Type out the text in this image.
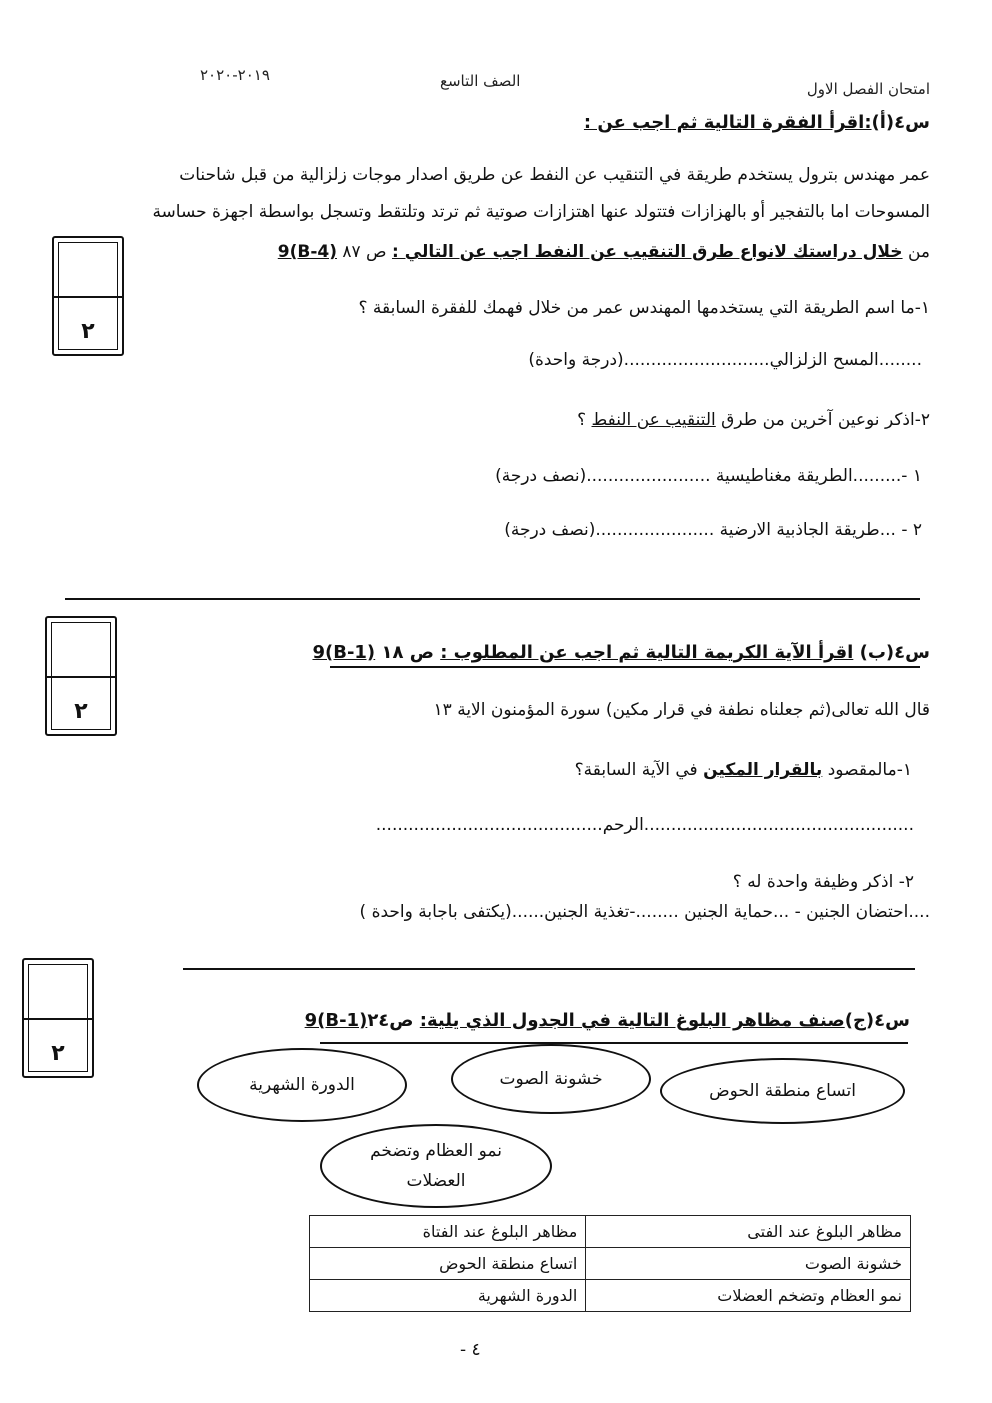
امتحان الفصل الاول
الصف التاسع
٢٠١٩-٢٠٢٠
س٤(أ):اقرأ الفقرة التالية ثم اجب عن :
عمر مهندس بترول يستخدم طريقة في التنقيب عن النفط عن طريق اصدار موجات زلزالية من قبل شاحنات
المسوحات اما بالتفجير أو بالهزازات فتتولد عنها اهتزازات صوتية ثم ترتد وتلتقط وتسجل بواسطة اجهزة حساسة
من خلال دراستك لانواع طرق التنقيب عن النفط اجب عن التالي : ص ٨٧ 9(B-4)
٢
١-ما اسم الطريقة التي يستخدمها المهندس عمر من خلال فهمك للفقرة السابقة ؟
........المسح الزلزالي...........................(درجة واحدة)
٢-اذكر نوعين آخرين من طرق التنقيب عن النفط ؟
١ -.........الطريقة مغناطيسية .......................(نصف درجة)
٢ - ...طريقة الجاذبية الارضية ......................(نصف درجة)
٢
س٤(ب) اقرأ الآية الكريمة التالية ثم اجب عن المطلوب : ص ١٨ 9(B-1)
قال الله تعالى(ثم جعلناه نطفة في قرار مكين) سورة المؤمنون الاية ١٣
١-مالمقصود بالقرار المكين في الآية السابقة؟
..................................................الرحم..........................................
٢- اذكر وظيفة واحدة له ؟
....احتضان الجنين - ...حماية الجنين ........-تغذية الجنين......(يكتفى باجابة واحدة )
٢
س٤(ج)صنف مظاهر البلوغ التالية في الجدول الذي يلية: ص٢٤9(B-1)
الدورة الشهرية	خشونة الصوت
اتساع منطقة الحوض
نمو العظام وتضخم العضلات
مظاهر البلوغ عند الفتى	مظاهر البلوغ عند الفتاة
خشونة الصوت	اتساع منطقة الحوض
نمو العظام وتضخم العضلات	الدورة الشهرية
- ٤
